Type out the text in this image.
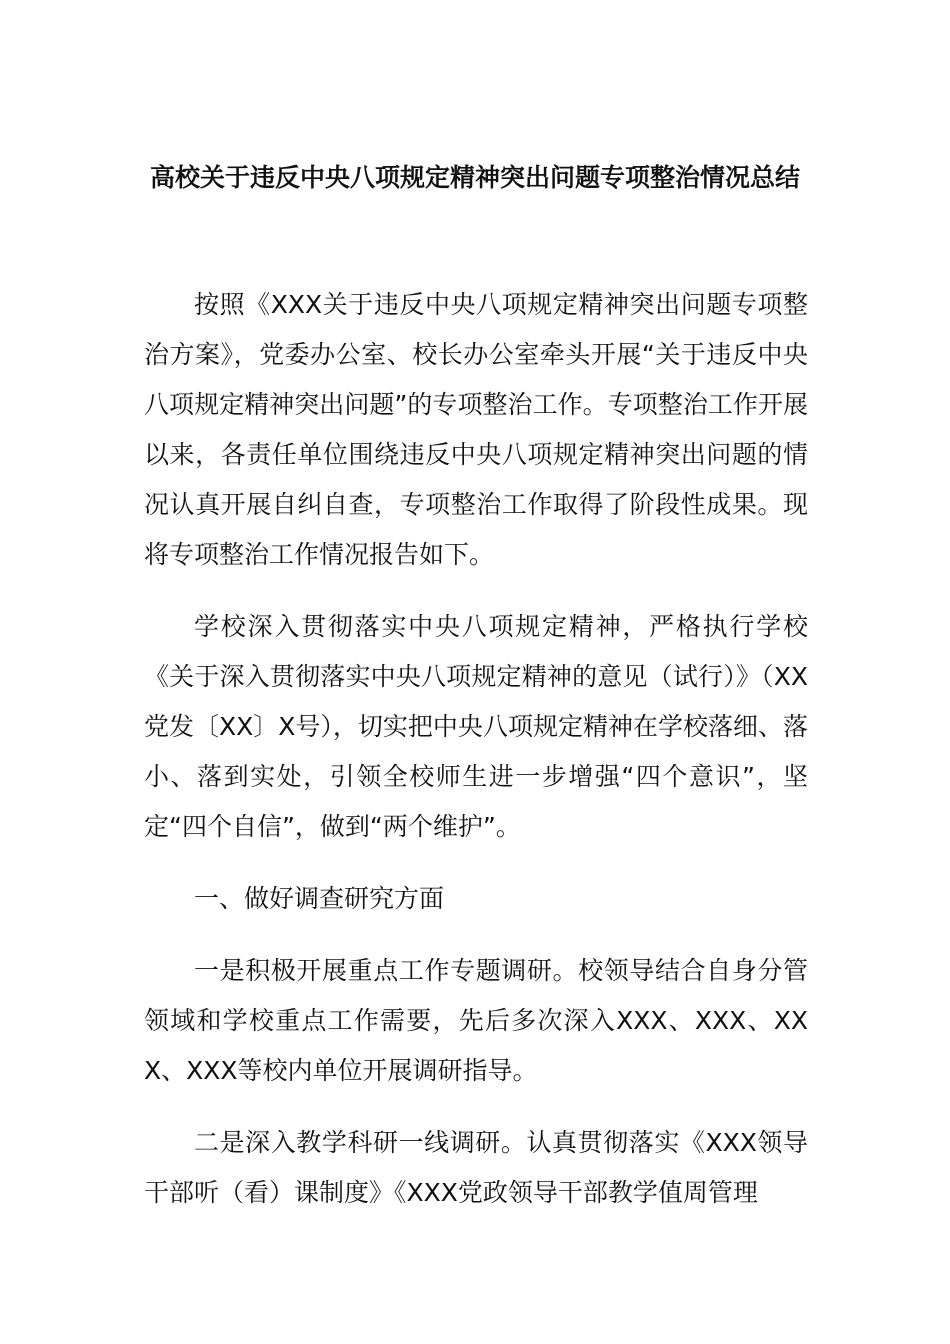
高校关于违反中央八项规定精神突出问题专项整治情况总结

按照《XXX关于违反中央八项规定精神突出问题专项整治方案》，党委办公室、校长办公室牵头开展“关于违反中央八项规定精神突出问题”的专项整治工作。专项整治工作开展以来，各责任单位围绕违反中央八项规定精神突出问题的情况认真开展自纠自查，专项整治工作取得了阶段性成果。现将专项整治工作情况报告如下。

学校深入贯彻落实中央八项规定精神，严格执行学校《关于深入贯彻落实中央八项规定精神的意见（试行）》（XX党发〔XX〕X号），切实把中央八项规定精神在学校落细、落小、落到实处，引领全校师生进一步增强“四个意识”，坚定“四个自信”，做到“两个维护”。

一、做好调查研究方面

一是积极开展重点工作专题调研。校领导结合自身分管领域和学校重点工作需要，先后多次深入XXX、XXX、XXX、XXX等校内单位开展调研指导。

二是深入教学科研一线调研。认真贯彻落实《XXX领导干部听（看）课制度》《XXX党政领导干部教学值周管理
